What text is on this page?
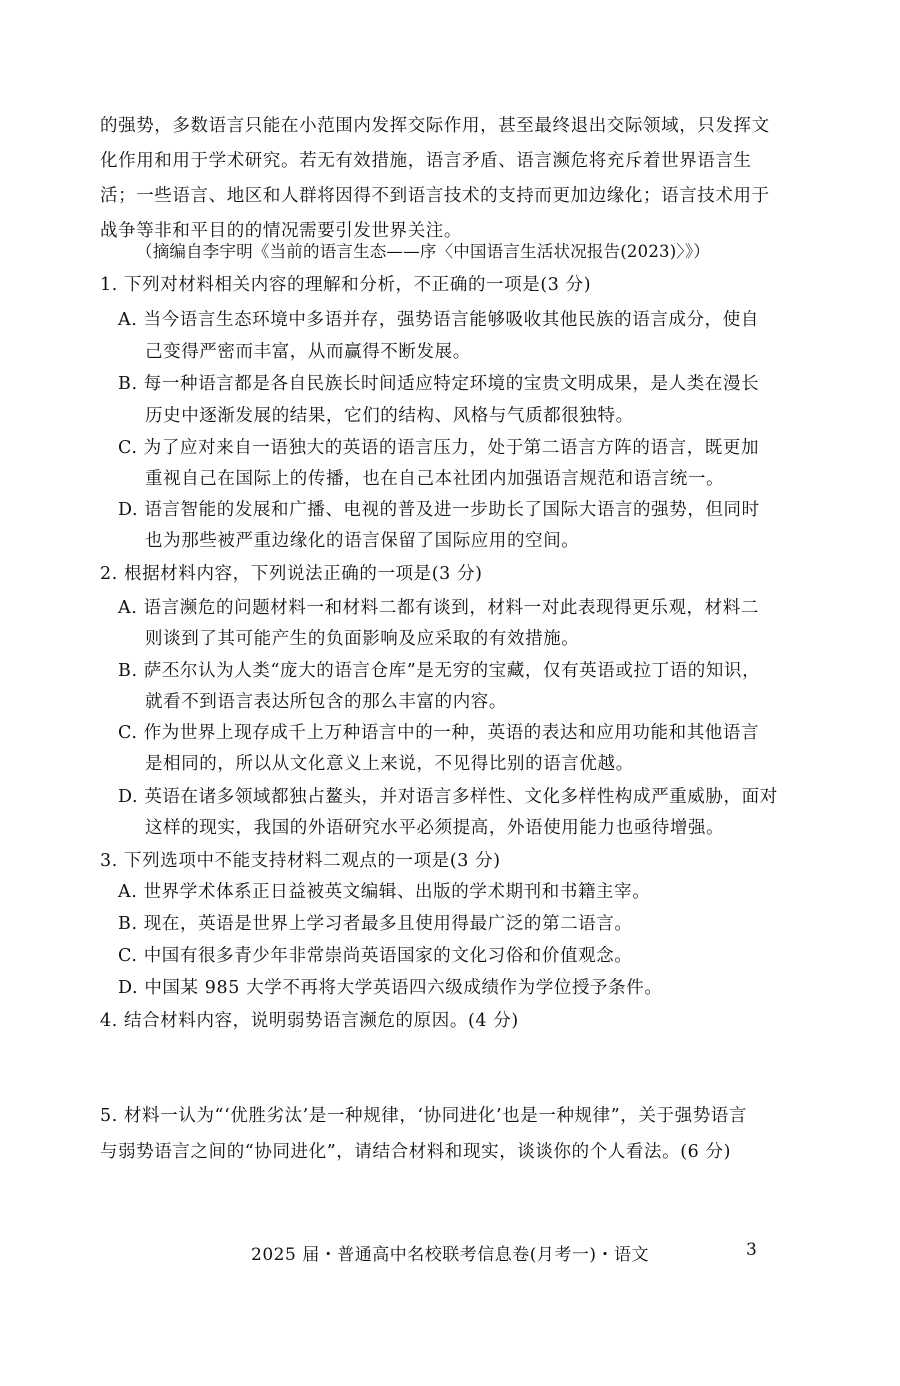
的强势，多数语言只能在小范围内发挥交际作用，甚至最终退出交际领域，只发挥文
化作用和用于学术研究。若无有效措施，语言矛盾、语言濒危将充斥着世界语言生
活；一些语言、地区和人群将因得不到语言技术的支持而更加边缘化；语言技术用于
战争等非和平目的的情况需要引发世界关注。
（摘编自李宇明《当前的语言生态——序〈中国语言生活状况报告(2023)〉》）
1. 下列对材料相关内容的理解和分析，不正确的一项是(3 分)
A. 当今语言生态环境中多语并存，强势语言能够吸收其他民族的语言成分，使自
己变得严密而丰富，从而赢得不断发展。
B. 每一种语言都是各自民族长时间适应特定环境的宝贵文明成果，是人类在漫长
历史中逐渐发展的结果，它们的结构、风格与气质都很独特。
C. 为了应对来自一语独大的英语的语言压力，处于第二语言方阵的语言，既更加
重视自己在国际上的传播，也在自己本社团内加强语言规范和语言统一。
D. 语言智能的发展和广播、电视的普及进一步助长了国际大语言的强势，但同时
也为那些被严重边缘化的语言保留了国际应用的空间。
2. 根据材料内容，下列说法正确的一项是(3 分)
A. 语言濒危的问题材料一和材料二都有谈到，材料一对此表现得更乐观，材料二
则谈到了其可能产生的负面影响及应采取的有效措施。
B. 萨丕尔认为人类“庞大的语言仓库”是无穷的宝藏，仅有英语或拉丁语的知识，
就看不到语言表达所包含的那么丰富的内容。
C. 作为世界上现存成千上万种语言中的一种，英语的表达和应用功能和其他语言
是相同的，所以从文化意义上来说，不见得比别的语言优越。
D. 英语在诸多领域都独占鳌头，并对语言多样性、文化多样性构成严重威胁，面对
这样的现实，我国的外语研究水平必须提高，外语使用能力也亟待增强。
3. 下列选项中不能支持材料二观点的一项是(3 分)
A. 世界学术体系正日益被英文编辑、出版的学术期刊和书籍主宰。
B. 现在，英语是世界上学习者最多且使用得最广泛的第二语言。
C. 中国有很多青少年非常崇尚英语国家的文化习俗和价值观念。
D. 中国某 985 大学不再将大学英语四六级成绩作为学位授予条件。
4. 结合材料内容，说明弱势语言濒危的原因。(4 分)
5. 材料一认为“‘优胜劣汰’是一种规律，‘协同进化’也是一种规律”，关于强势语言
与弱势语言之间的“协同进化”，请结合材料和现实，谈谈你的个人看法。(6 分)
2025 届・普通高中名校联考信息卷(月考一)・语文	3
